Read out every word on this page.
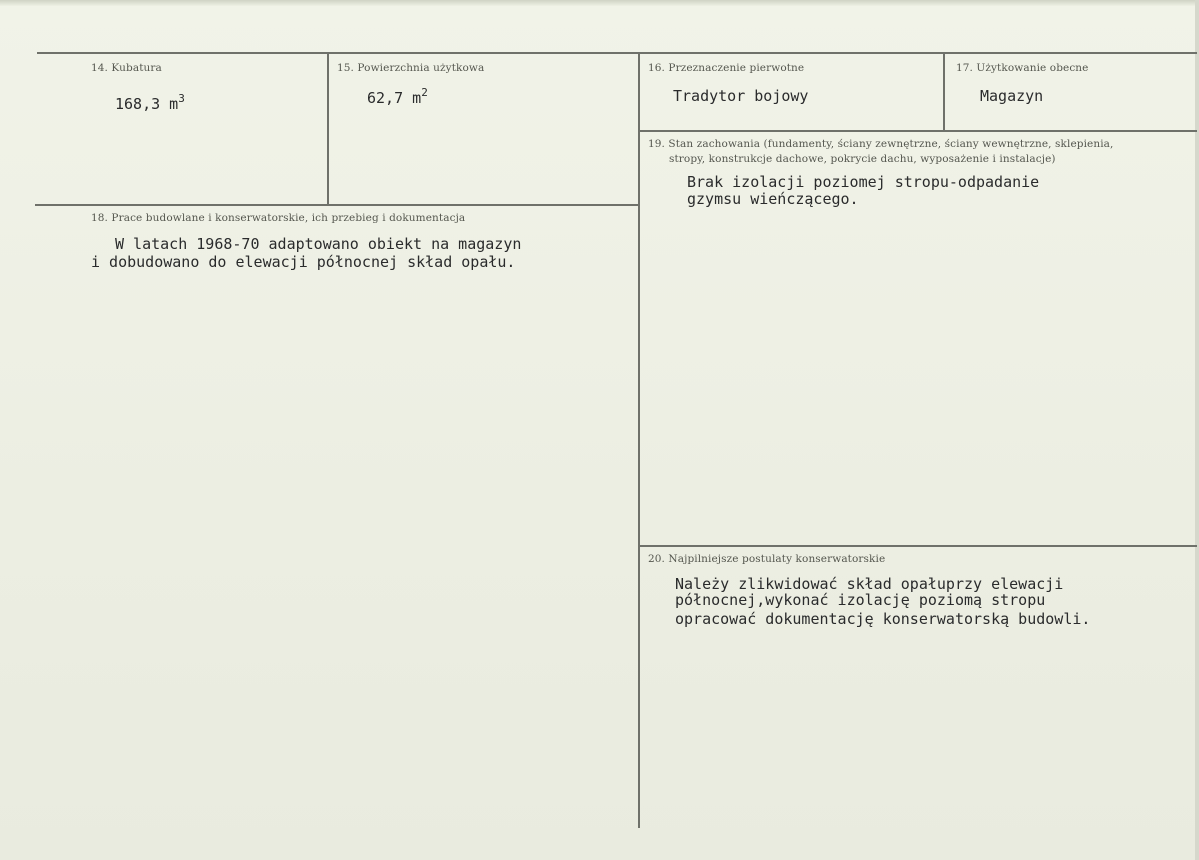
14. Kubatura
168,3 $m^3$
15. Powierzchnia użytkowa
62,7 $m^2$
16. Przeznaczenie pierwotne
Tradytor bojowy
17. Użytkowanie obecne
Magazyn
19. Stan zachowania (fundamenty, ściany zewnętrzne, ściany wewnętrzne, sklepienia,
stropy, konstrukcje dachowe, pokrycie dachu, wyposażenie i instalacje)
Brak izolacji poziomej stropu-odpadanie
gzymsu wieńczącego.
18. Prace budowlane i konserwatorskie, ich przebieg i dokumentacja
W latach 1968-70 adaptowano obiekt na magazyn
i dobudowano do elewacji północnej skład opału.
20. Najpilniejsze postulaty konserwatorskie
Należy zlikwidować skład opałuprzy elewacji
północnej,wykonać izolację poziomą stropu
opracować dokumentację konserwatorską budowli.
